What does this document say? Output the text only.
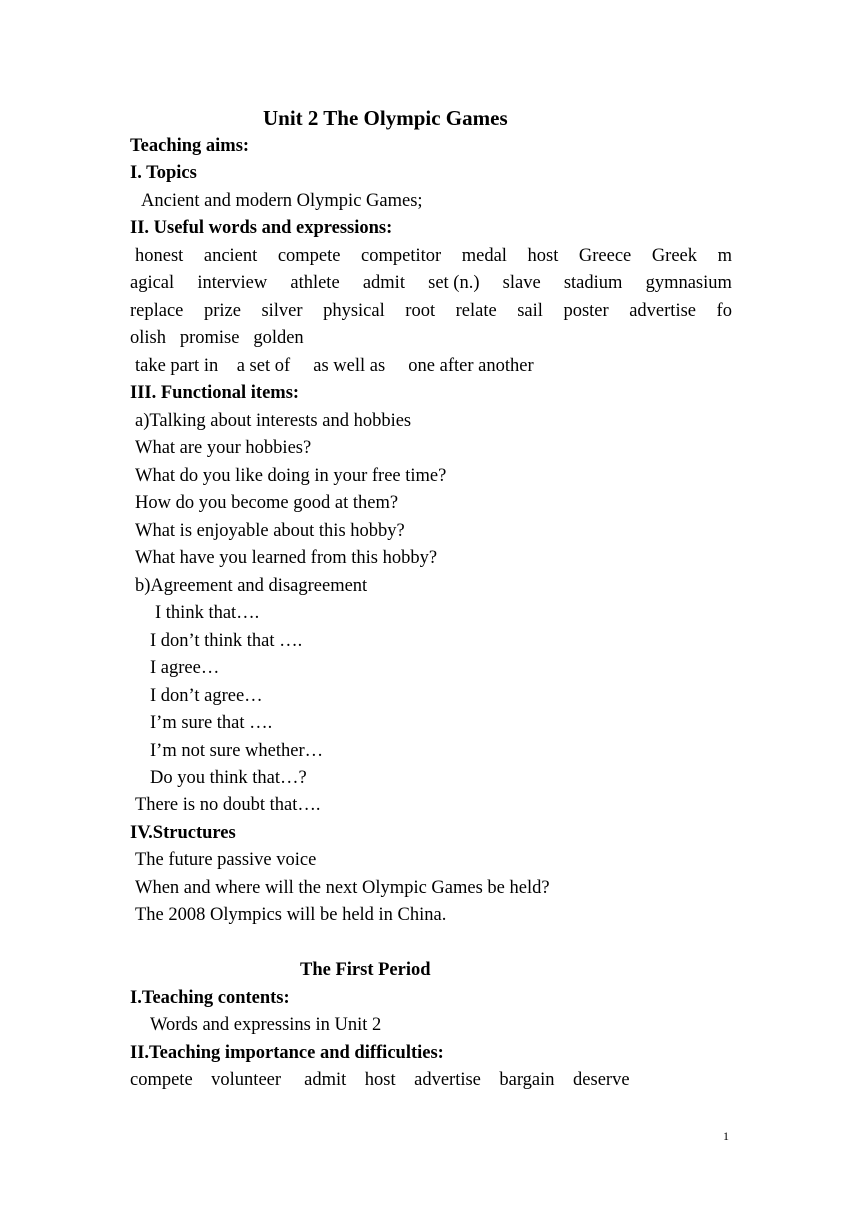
Unit 2 The Olympic Games
Teaching aims:
I. Topics
Ancient and modern Olympic Games;
II. Useful words and expressions:
honest ancient compete competitor medal host Greece Greek m
agical interview athlete admit set (n.) slave stadium gymnasium
replace prize silver physical root relate sail poster advertise fo
olish   promise   golden
take part in    a set of     as well as     one after another
III. Functional items:
a)Talking about interests and hobbies
What are your hobbies?
What do you like doing in your free time?
How do you become good at them?
What is enjoyable about this hobby?
What have you learned from this hobby?
b)Agreement and disagreement
I think that….
I don’t think that ….
I agree…
I don’t agree…
I’m sure that ….
I’m not sure whether…
Do you think that…?
There is no doubt that….
IV.Structures
The future passive voice
When and where will the next Olympic Games be held?
The 2008 Olympics will be held in China.
The First Period
I.Teaching contents:
Words and expressins in Unit 2
II.Teaching importance and difficulties:
compete    volunteer     admit    host    advertise    bargain    deserve
1
